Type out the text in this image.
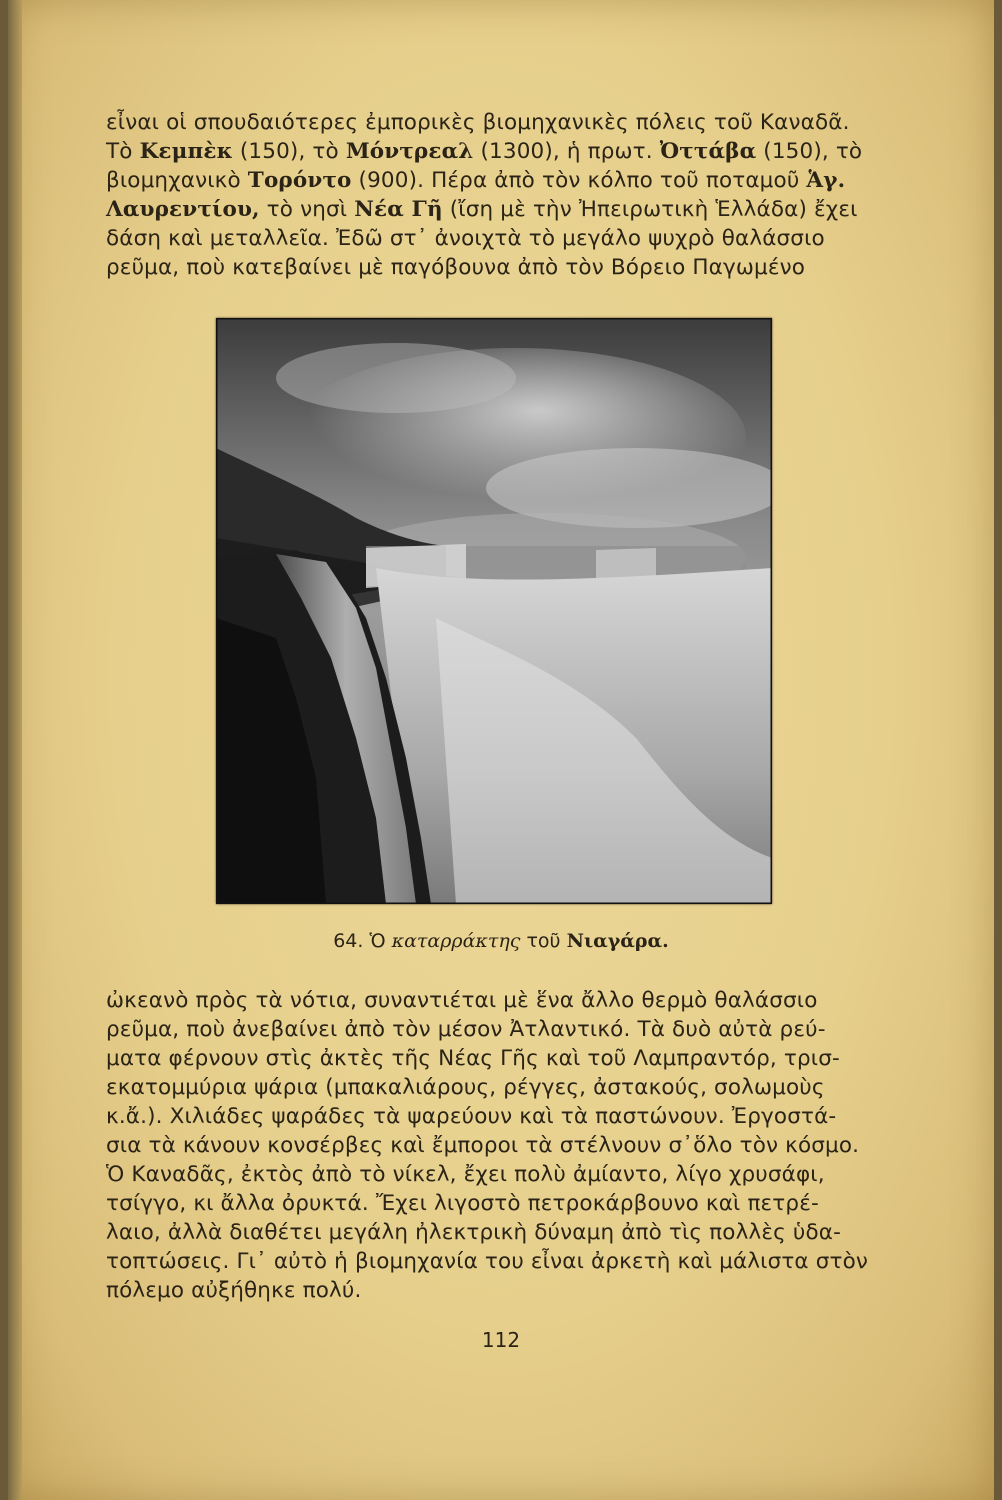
εἶναι οἱ σπουδαιότερες ἐμπορικὲς βιομηχανικὲς πόλεις τοῦ Καναδᾶ.
Τὸ Κεμπὲκ (150), τὸ Μόντρεαλ (1300), ἡ πρωτ. Ὀττάβα (150), τὸ
βιομηχανικὸ Τορόντο (900). Πέρα ἀπὸ τὸν κόλπο τοῦ ποταμοῦ Ἁγ.
Λαυρεντίου, τὸ νησὶ Νέα Γῆ (ἴση μὲ τὴν Ἠπειρωτικὴ Ἑλλάδα) ἔχει
δάση καὶ μεταλλεῖα. Ἐδῶ στ᾿ ἀνοιχτὰ τὸ μεγάλο ψυχρὸ θαλάσσιο
ρεῦμα, ποὺ κατεβαίνει μὲ παγόβουνα ἀπὸ τὸν Βόρειο Παγωμένο
64. Ὁ καταρράκτης τοῦ Νιαγάρα.
ὠκεανὸ πρὸς τὰ νότια, συναντιέται μὲ ἕνα ἄλλο θερμὸ θαλάσσιο
ρεῦμα, ποὺ ἀνεβαίνει ἀπὸ τὸν μέσον Ἀτλαντικό. Τὰ δυὸ αὐτὰ ρεύ-
ματα φέρνουν στὶς ἀκτὲς τῆς Νέας Γῆς καὶ τοῦ Λαμπραντόρ, τρισ-
εκατομμύρια ψάρια (μπακαλιάρους, ρέγγες, ἀστακούς, σολωμοὺς
κ.ἄ.). Χιλιάδες ψαράδες τὰ ψαρεύουν καὶ τὰ παστώνουν. Ἐργοστά-
σια τὰ κάνουν κονσέρβες καὶ ἔμποροι τὰ στέλνουν σ᾿ὅλο τὸν κόσμο.
Ὁ Καναδᾶς, ἐκτὸς ἀπὸ τὸ νίκελ, ἔχει πολὺ ἀμίαντο, λίγο χρυσάφι,
τσίγγο, κι ἄλλα ὀρυκτά. Ἔχει λιγοστὸ πετροκάρβουνο καὶ πετρέ-
λαιο, ἀλλὰ διαθέτει μεγάλη ἠλεκτρικὴ δύναμη ἀπὸ τὶς πολλὲς ὑδα-
τοπτώσεις. Γι᾿ αὐτὸ ἡ βιομηχανία του εἶναι ἀρκετὴ καὶ μάλιστα στὸν
πόλεμο αὐξήθηκε πολύ.
112
